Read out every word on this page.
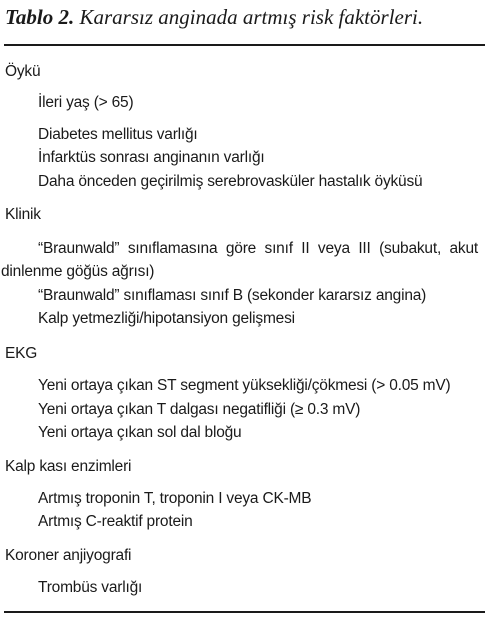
Tablo 2. Kararsız anginada artmış risk faktörleri.
Öykü
İleri yaş (> 65)
Diabetes mellitus varlığı
İnfarktüs sonrası anginanın varlığı
Daha önceden geçirilmiş serebrovasküler hastalık öyküsü
Klinik
“Braunwald” sınıflamasına göre sınıf II veya III (subakut, akut
dinlenme göğüs ağrısı)
“Braunwald” sınıflaması sınıf B (sekonder kararsız angina)
Kalp yetmezliği/hipotansiyon gelişmesi
EKG
Yeni ortaya çıkan ST segment yüksekliği/çökmesi (> 0.05 mV)
Yeni ortaya çıkan T dalgası negatifliği (≥ 0.3 mV)
Yeni ortaya çıkan sol dal bloğu
Kalp kası enzimleri
Artmış troponin T, troponin I veya CK-MB
Artmış C-reaktif protein
Koroner anjiyografi
Trombüs varlığı
